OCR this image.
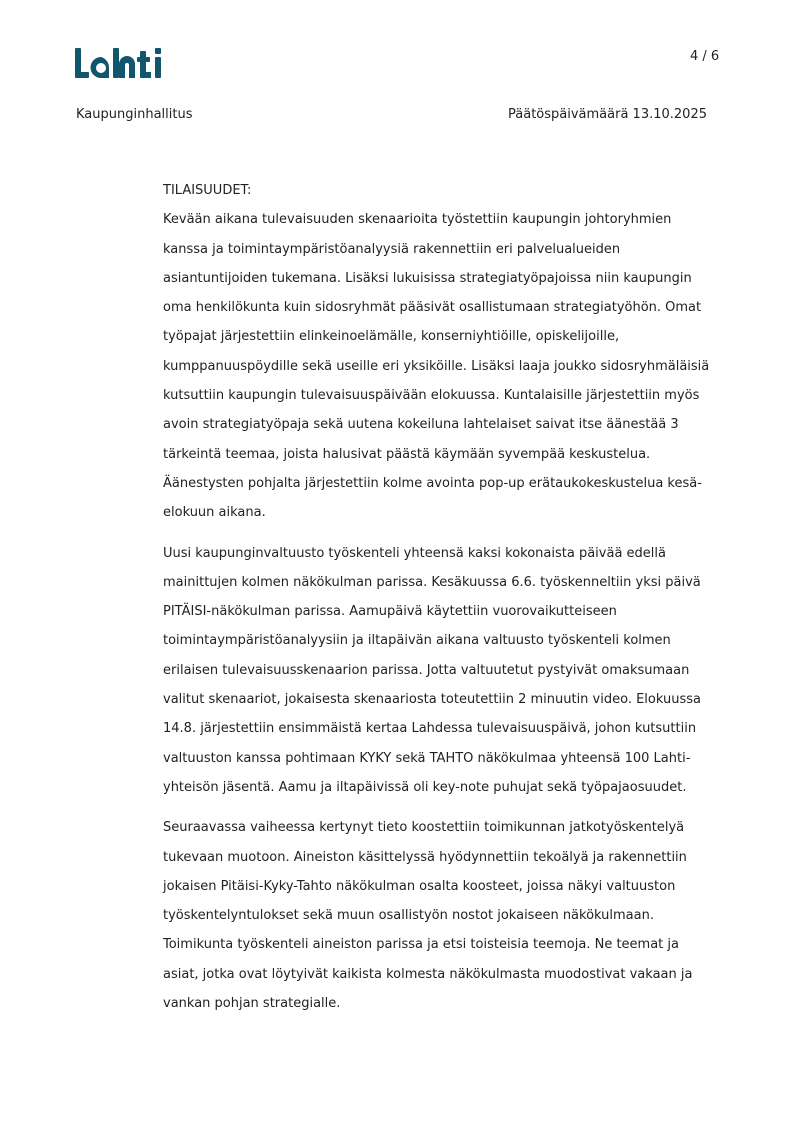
4 / 6
Kaupunginhallitus	Päätöspäivämäärä 13.10.2025
TILAISUUDET:
Kevään aikana tulevaisuuden skenaarioita työstettiin kaupungin johtoryhmien
kanssa ja toimintaympäristöanalyysiä rakennettiin eri palvelualueiden
asiantuntijoiden tukemana. Lisäksi lukuisissa strategiatyöpajoissa niin kaupungin
oma henkilökunta kuin sidosryhmät pääsivät osallistumaan strategiatyöhön. Omat
työpajat järjestettiin elinkeinoelämälle, konserniyhtiöille, opiskelijoille,
kumppanuuspöydille sekä useille eri yksiköille. Lisäksi laaja joukko sidosryhmäläisiä
kutsuttiin kaupungin tulevaisuuspäivään elokuussa. Kuntalaisille järjestettiin myös
avoin strategiatyöpaja sekä uutena kokeiluna lahtelaiset saivat itse äänestää 3
tärkeintä teemaa, joista halusivat päästä käymään syvempää keskustelua.
Äänestysten pohjalta järjestettiin kolme avointa pop-up erätaukokeskustelua kesä-
elokuun aikana.
Uusi kaupunginvaltuusto työskenteli yhteensä kaksi kokonaista päivää edellä
mainittujen kolmen näkökulman parissa. Kesäkuussa 6.6. työskenneltiin yksi päivä
PITÄISI-näkökulman parissa. Aamupäivä käytettiin vuorovaikutteiseen
toimintaympäristöanalyysiin ja iltapäivän aikana valtuusto työskenteli kolmen
erilaisen tulevaisuusskenaarion parissa. Jotta valtuutetut pystyivät omaksumaan
valitut skenaariot, jokaisesta skenaariosta toteutettiin 2 minuutin video. Elokuussa
14.8. järjestettiin ensimmäistä kertaa Lahdessa tulevaisuuspäivä, johon kutsuttiin
valtuuston kanssa pohtimaan KYKY sekä TAHTO näkökulmaa yhteensä 100 Lahti-
yhteisön jäsentä. Aamu ja iltapäivissä oli key-note puhujat sekä työpajaosuudet.
Seuraavassa vaiheessa kertynyt tieto koostettiin toimikunnan jatkotyöskentelyä
tukevaan muotoon. Aineiston käsittelyssä hyödynnettiin tekoälyä ja rakennettiin
jokaisen Pitäisi-Kyky-Tahto näkökulman osalta koosteet, joissa näkyi valtuuston
työskentelyntulokset sekä muun osallistyön nostot jokaiseen näkökulmaan.
Toimikunta työskenteli aineiston parissa ja etsi toisteisia teemoja. Ne teemat ja
asiat, jotka ovat löytyivät kaikista kolmesta näkökulmasta muodostivat vakaan ja
vankan pohjan strategialle.
